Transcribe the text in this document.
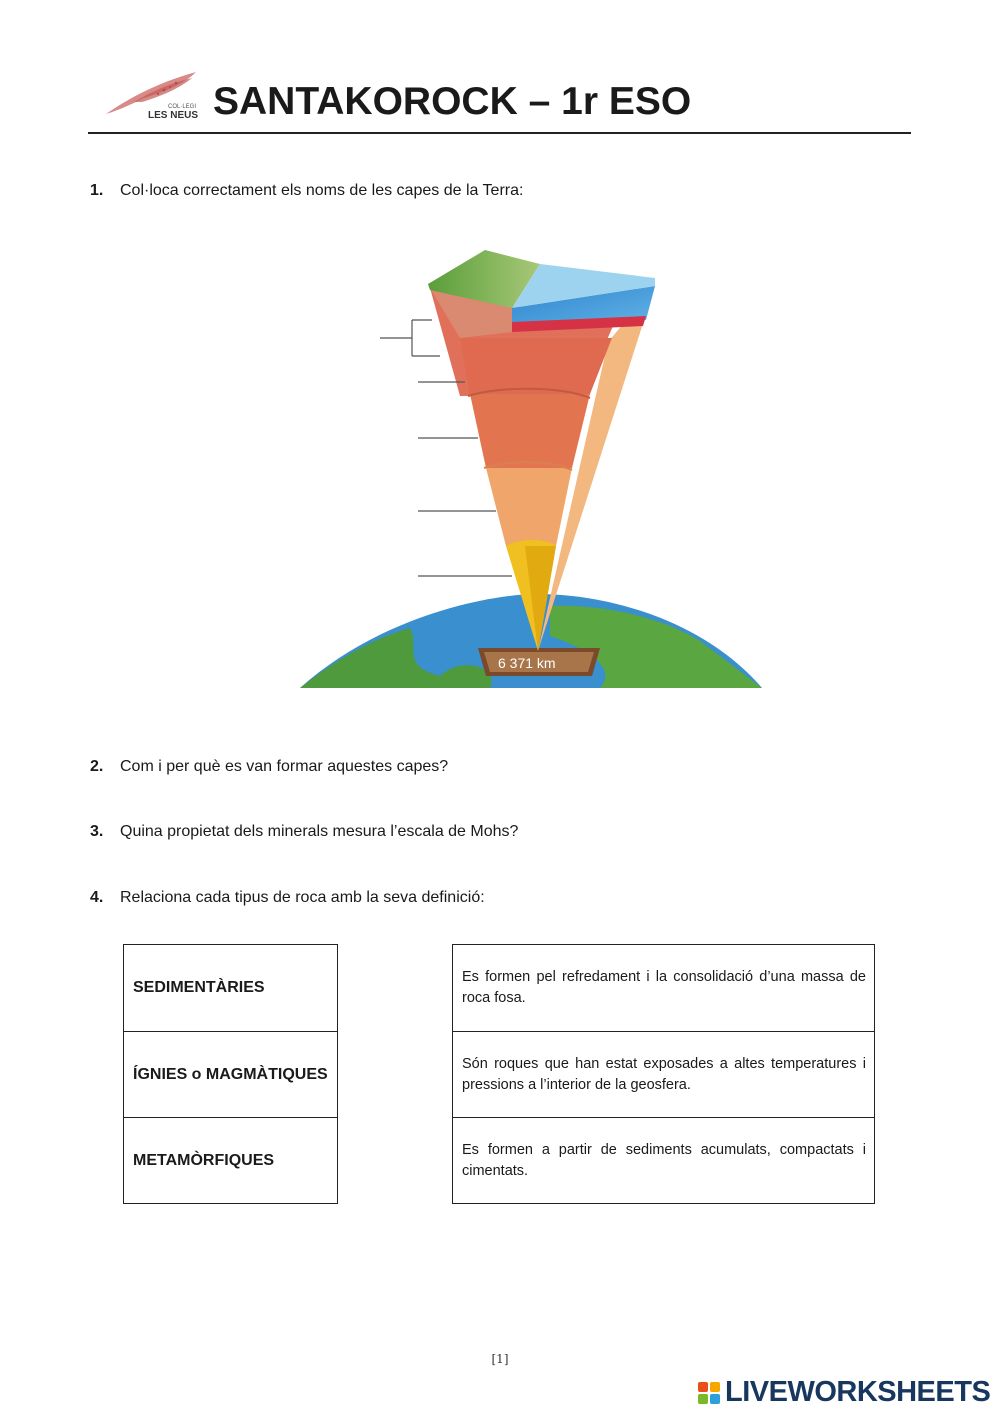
COL·LEGI
LES NEUS SANTAKOROCK – 1r ESO
1. Col·loca correctament els noms de les capes de la Terra:
6 371 km
2. Com i per què es van formar aquestes capes?
3. Quina propietat dels minerals mesura l’escala de Mohs?
4. Relaciona cada tipus de roca amb la seva definició:
SEDIMENTÀRIES
ÍGNIES o MAGMÀTIQUES
METAMÒRFIQUES
Es formen pel refredament i la consolidació d’una massa de roca fosa.
Són roques que han estat exposades a altes temperatures i pressions a l’interior de la geosfera.
Es formen a partir de sediments acumulats, compactats i cimentats.
[1]
LIVEWORKSHEETS
